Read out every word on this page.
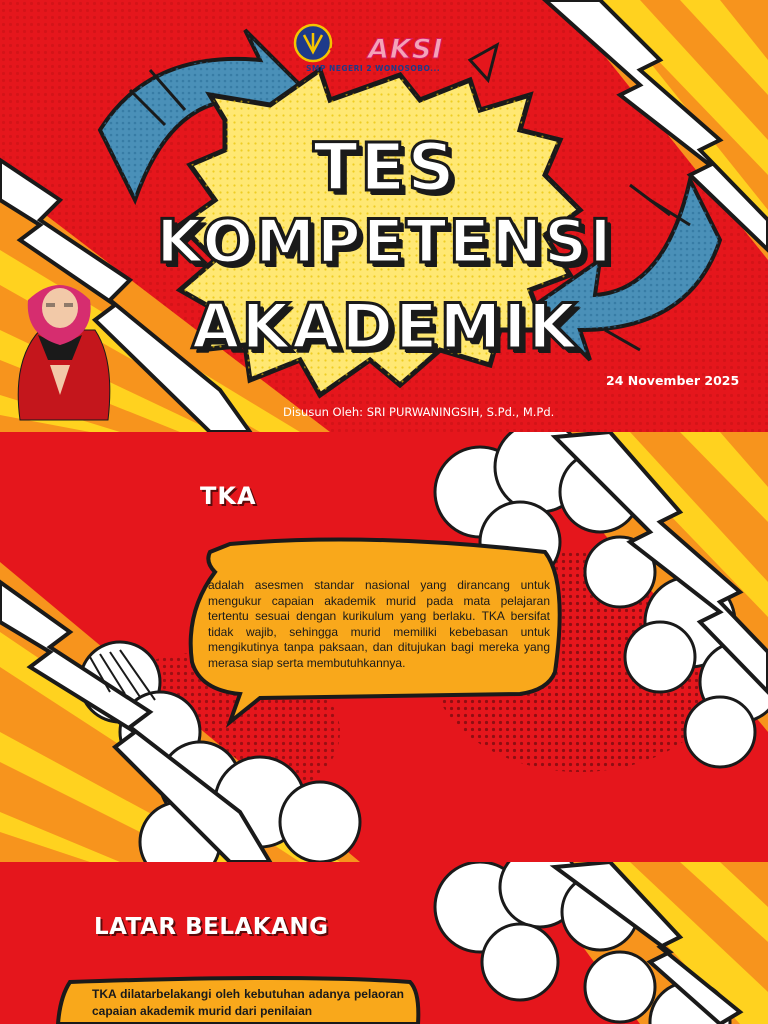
AKSI
SMP NEGERI 2 WONOSOBO...
TES
KOMPETENSI
AKADEMIK
24 November 2025
Disusun Oleh: SRI PURWANINGSIH, S.Pd., M.Pd.
TKA
adalah asesmen standar nasional yang dirancang untuk mengukur capaian akademik murid pada mata pelajaran tertentu sesuai dengan kurikulum yang berlaku. TKA bersifat tidak wajib, sehingga murid memiliki kebebasan untuk mengikutinya tanpa paksaan, dan ditujukan bagi mereka yang merasa siap serta membutuhkannya.
LATAR BELAKANG
TKA dilatarbelakangi oleh kebutuhan adanya pelaoran capaian akademik murid dari penilaian
